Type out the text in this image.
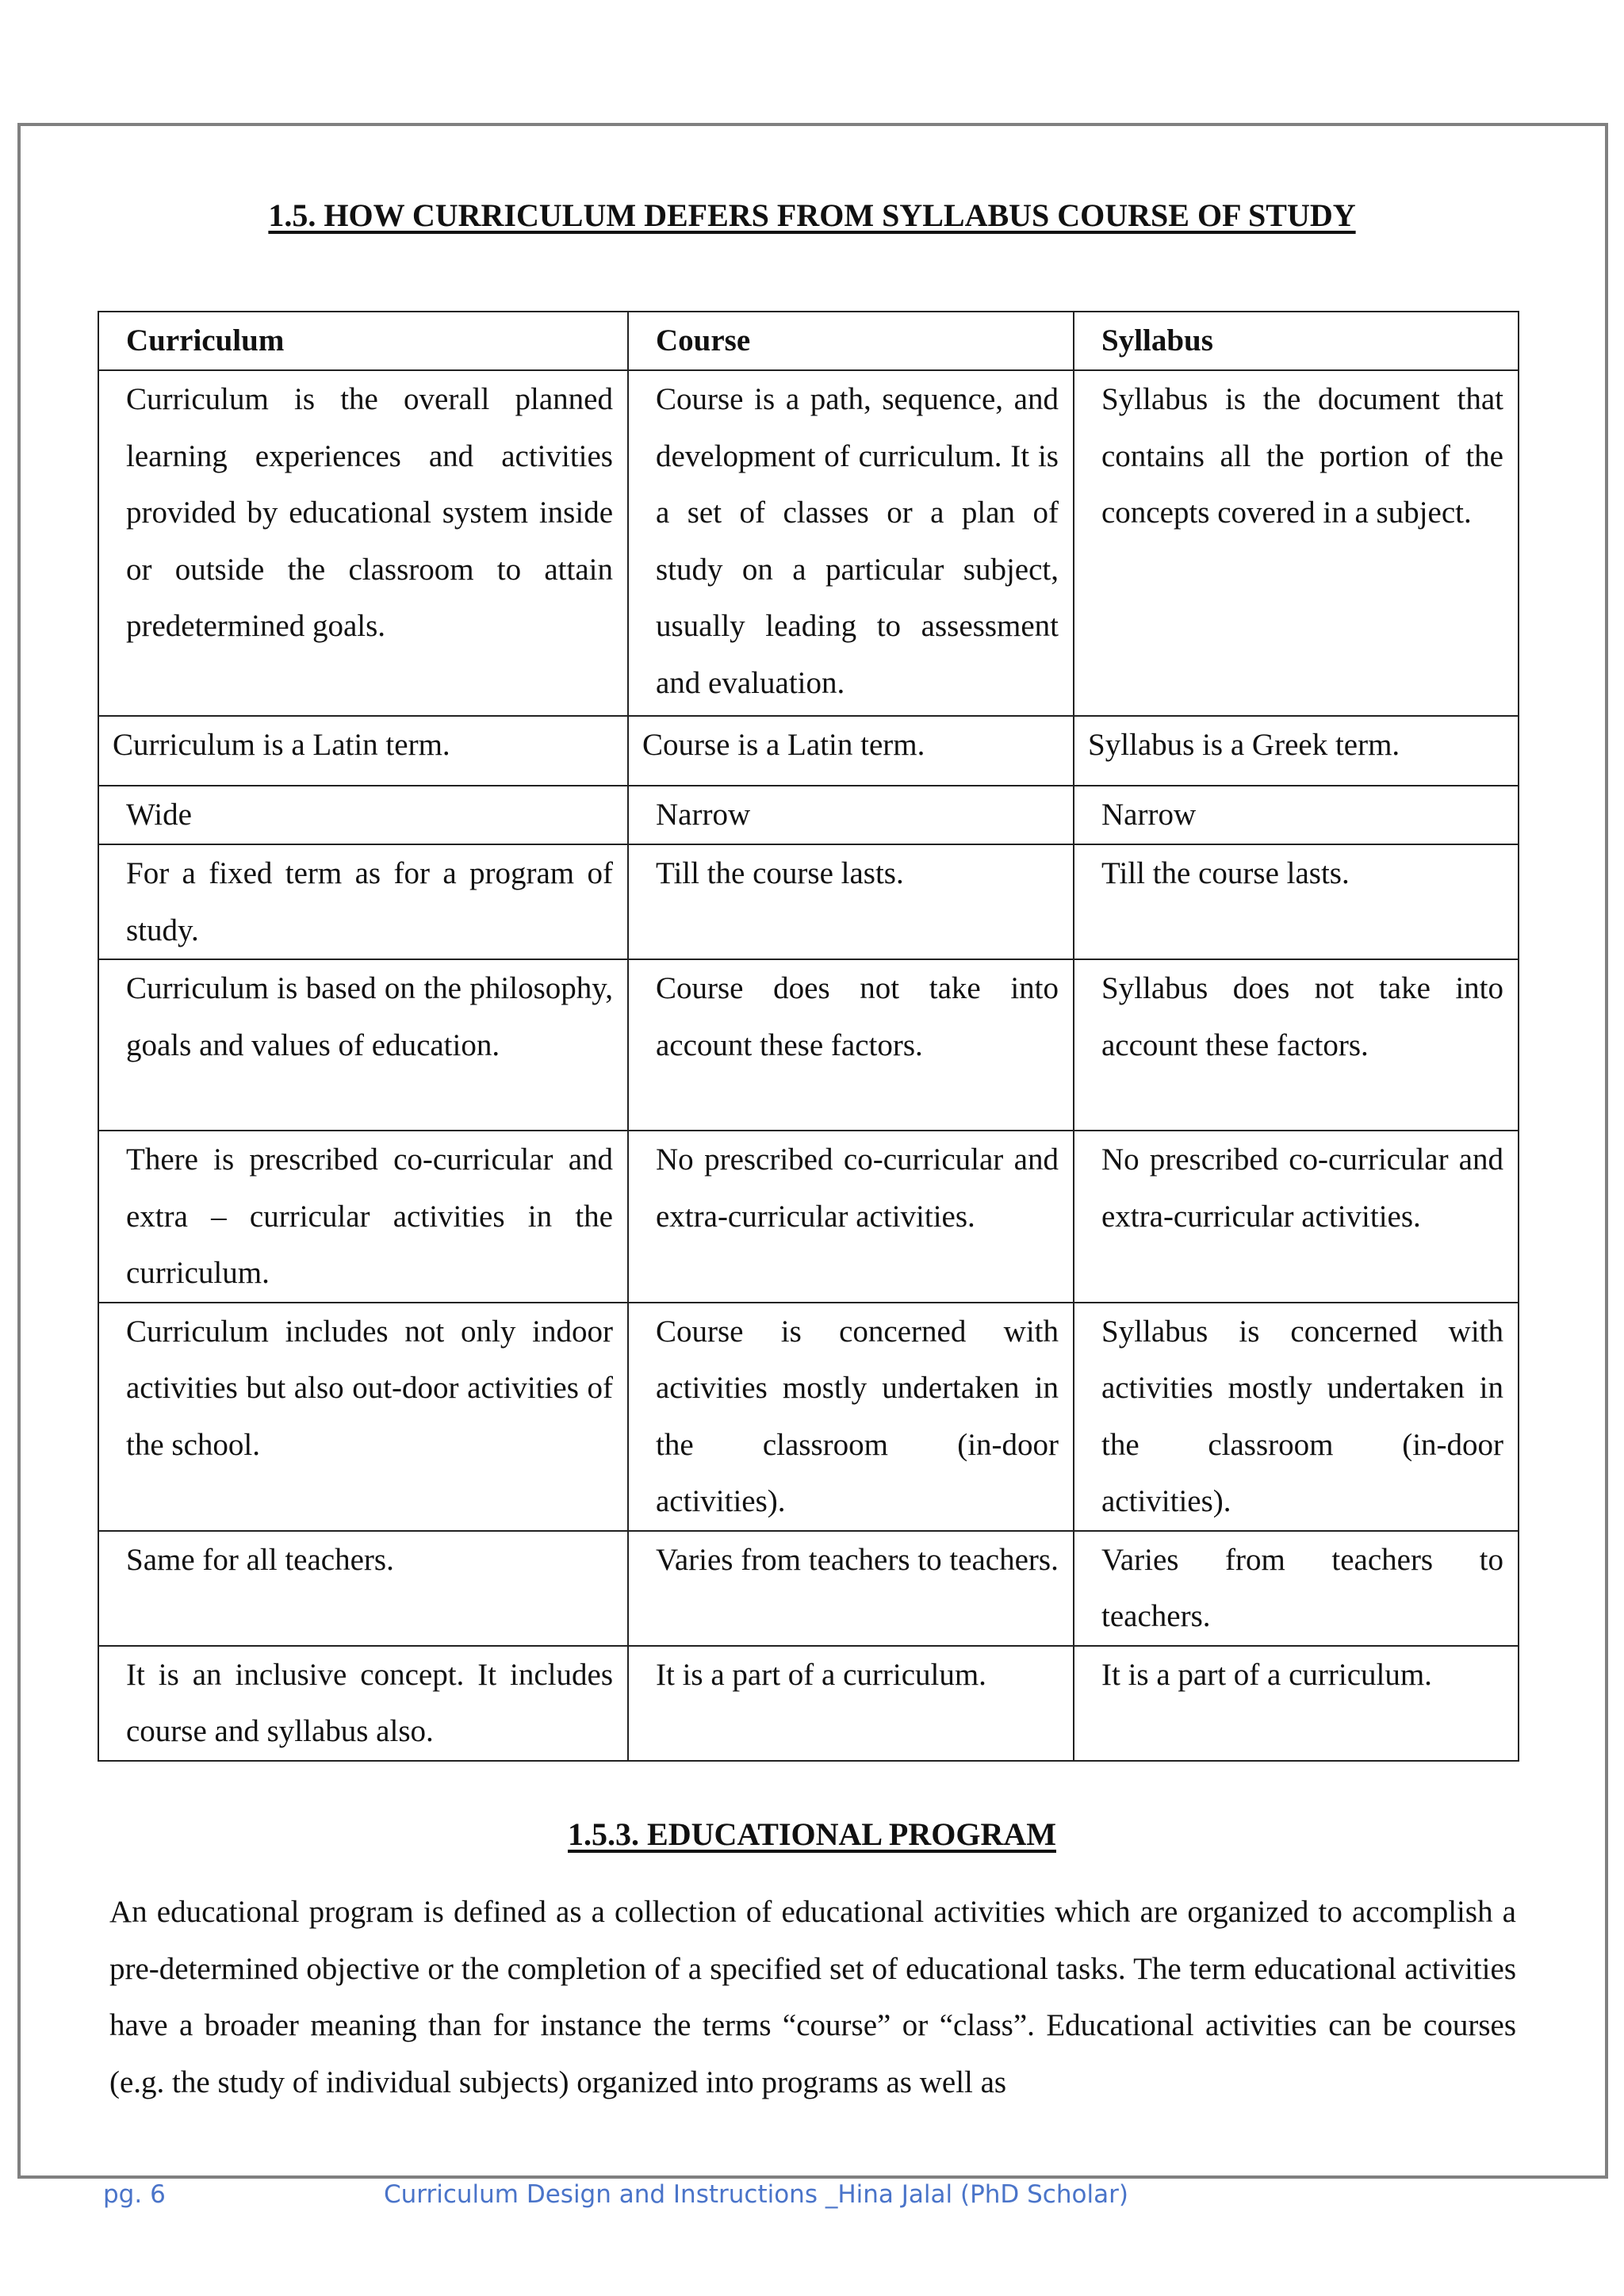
1.5. HOW CURRICULUM DEFERS FROM SYLLABUS COURSE OF STUDY
Curriculum	Course	Syllabus
Curriculum is the overall planned learning experiences and activities provided by educational system inside or outside the classroom to attain predetermined goals.	Course is a path, sequence, and development of curriculum. It is a set of classes or a plan of study on a particular subject, usually leading to assessment and evaluation.	Syllabus is the document that contains all the portion of the concepts covered in a subject.
Curriculum is a Latin term.	Course is a Latin term.	Syllabus is a Greek term.
Wide	Narrow	Narrow
For a fixed term as for a program of study.	Till the course lasts.	Till the course lasts.
Curriculum is based on the philosophy, goals and values of education.	Course does not take into account these factors.	Syllabus does not take into account these factors.
There is prescribed co-curricular and extra – curricular activities in the curriculum.	No prescribed co-curricular and extra-curricular activities.	No prescribed co-curricular and extra-curricular activities.
Curriculum includes not only indoor activities but also out-door activities of the school.	Course is concerned with activities mostly undertaken in the classroom (in-door activities).	Syllabus is concerned with activities mostly undertaken in the classroom (in-door activities).
Same for all teachers.	Varies from teachers to teachers.	Varies from teachers to teachers.
It is an inclusive concept. It includes course and syllabus also.	It is a part of a curriculum.	It is a part of a curriculum.
1.5.3. EDUCATIONAL PROGRAM

An educational program is defined as a collection of educational activities which are organized to accomplish a pre-determined objective or the completion of a specified set of educational tasks. The term educational activities have a broader meaning than for instance the terms “course” or “class”. Educational activities can be courses (e.g. the study of individual subjects) organized into programs as well as

pg. 6	Curriculum Design and Instructions _Hina Jalal (PhD Scholar)
